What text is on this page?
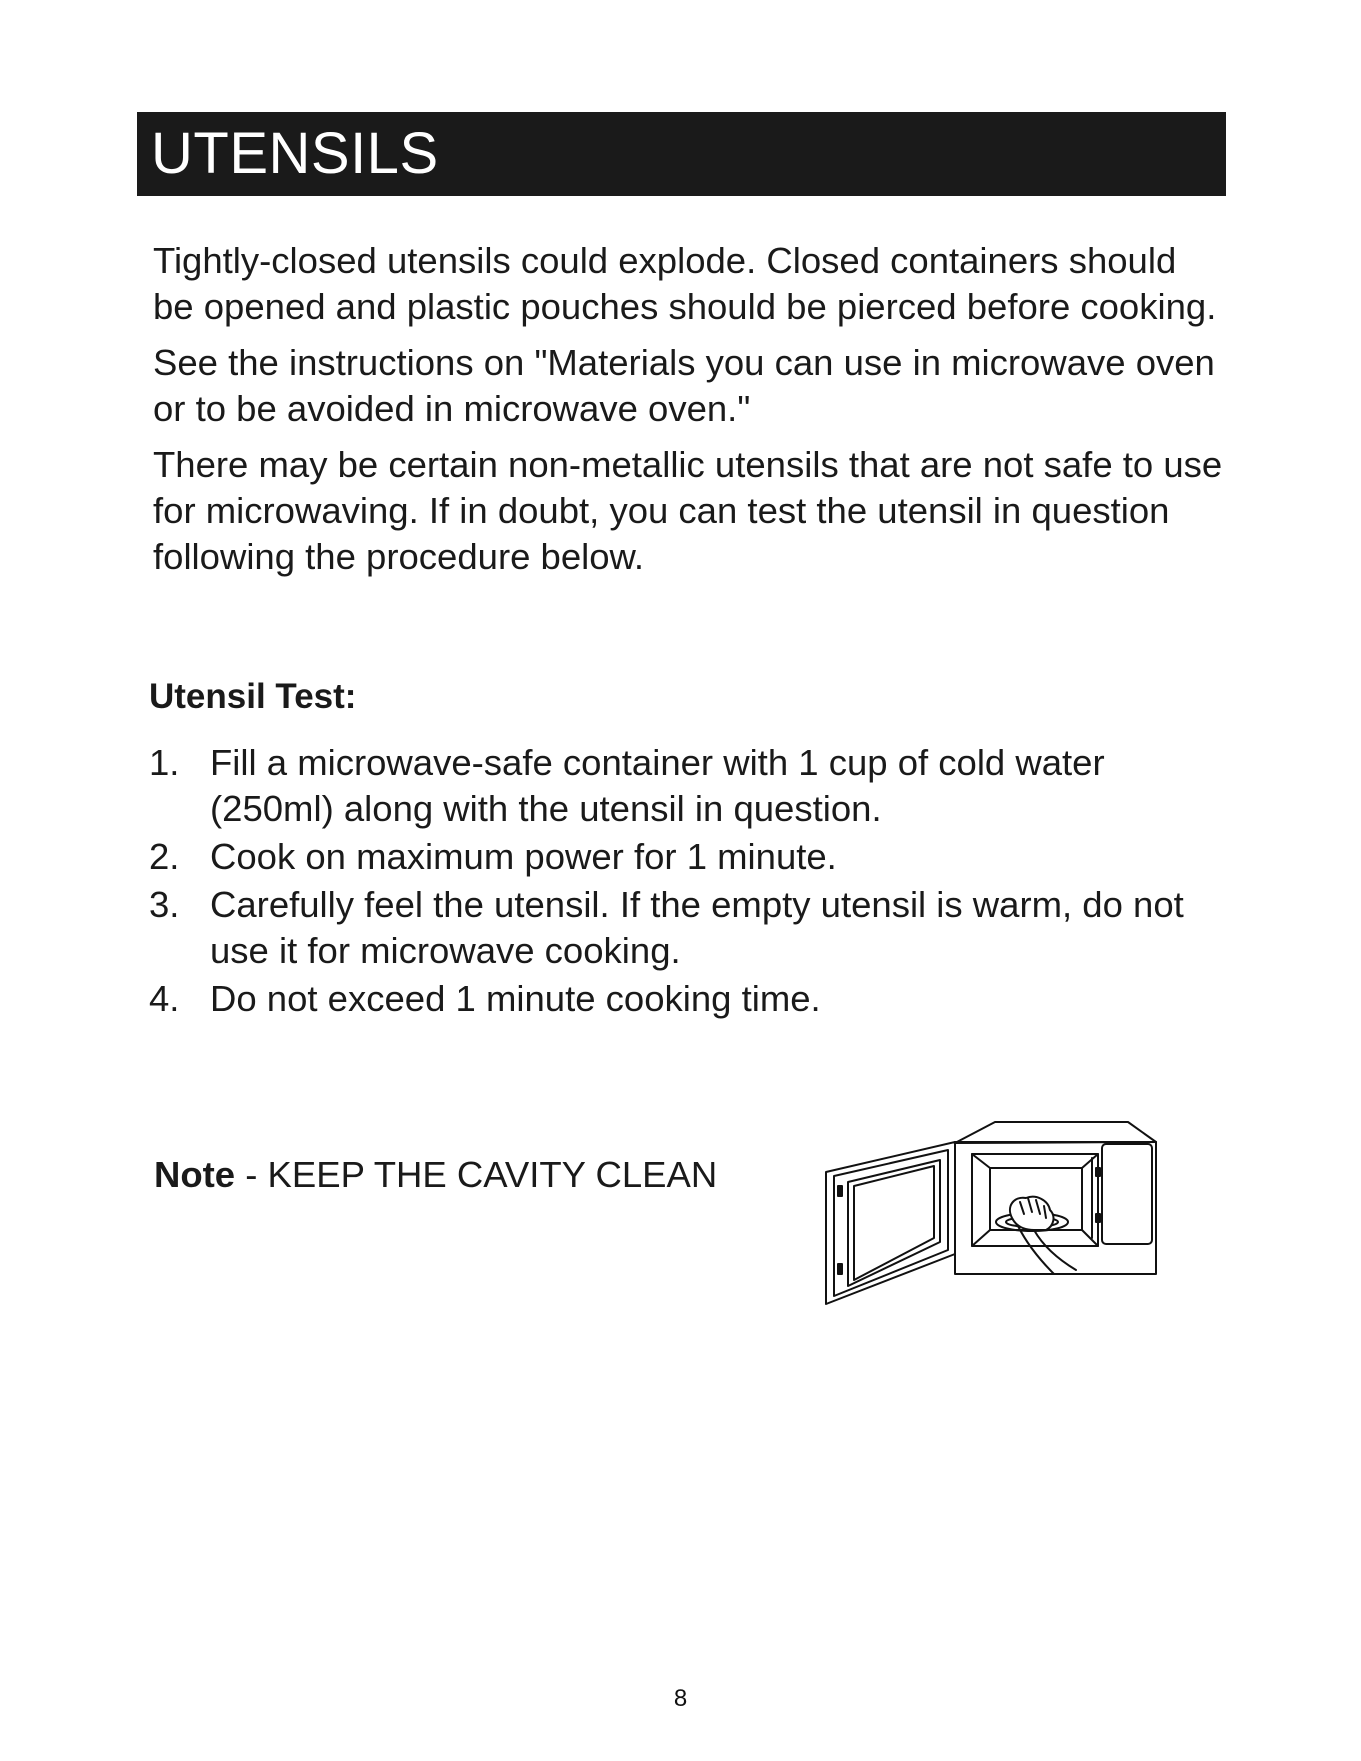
UTENSILS

Tightly-closed utensils could explode. Closed containers should be opened and plastic pouches should be pierced before cooking.

See the instructions on "Materials you can use in microwave oven or to be avoided in microwave oven."

There may be certain non-metallic utensils that are not safe to use for microwaving. If in doubt, you can test the utensil in question following the procedure below.

Utensil Test:
1. Fill a microwave-safe container with 1 cup of cold water (250ml) along with the utensil in question.
2. Cook on maximum power for 1 minute.
3. Carefully feel the utensil. If the empty utensil is warm, do not use it for microwave cooking.
4. Do not exceed 1 minute cooking time.
Note - KEEP THE CAVITY CLEAN
8
